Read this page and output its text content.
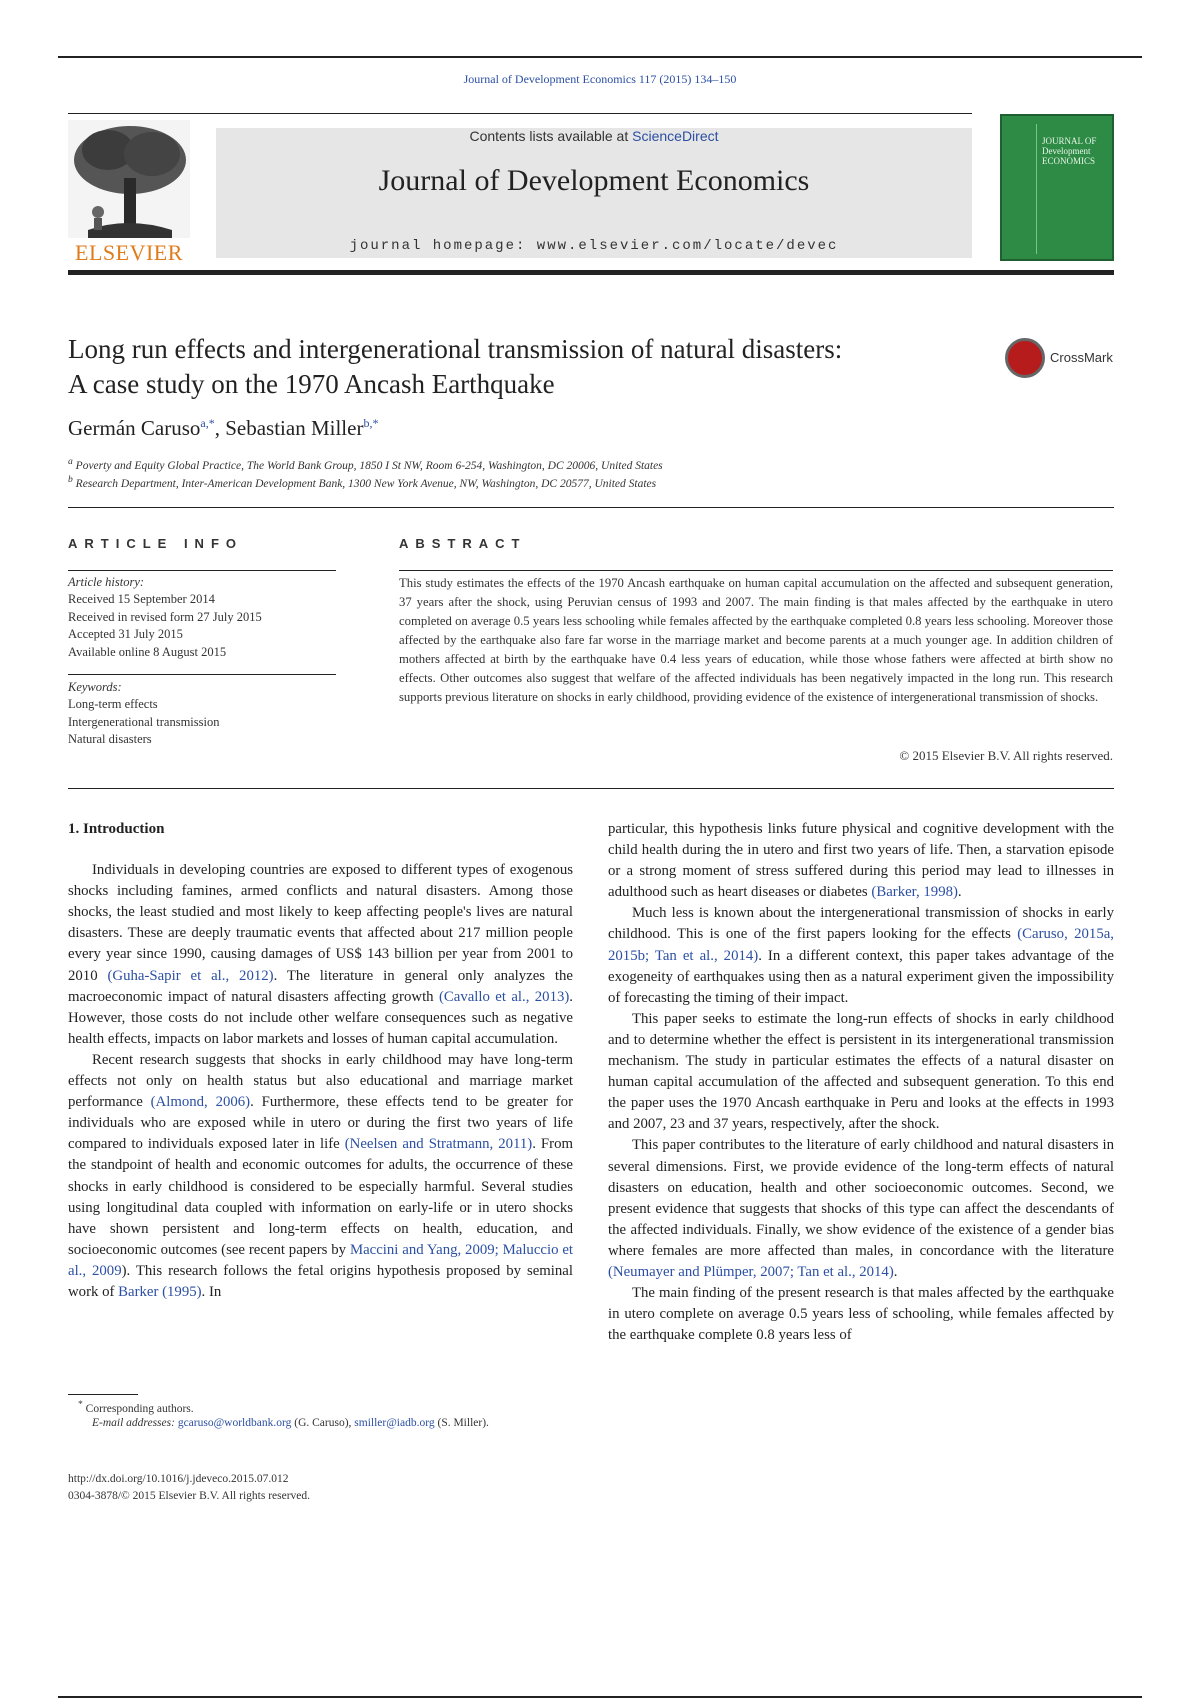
Journal of Development Economics 117 (2015) 134–150
ELSEVIER
Contents lists available at ScienceDirect
Journal of Development Economics
journal homepage: www.elsevier.com/locate/devec
JOURNAL OF Development ECONOMICS
Long run effects and intergenerational transmission of natural disasters:
A case study on the 1970 Ancash Earthquake
CrossMark
Germán Caruso$^{a,*}$, Sebastian Miller$^{b,*}$
$^a$ Poverty and Equity Global Practice, The World Bank Group, 1850 I St NW, Room 6-254, Washington, DC 20006, United States
$^b$ Research Department, Inter-American Development Bank, 1300 New York Avenue, NW, Washington, DC 20577, United States
ARTICLE INFO
Article history:
Received 15 September 2014
Received in revised form 27 July 2015
Accepted 31 July 2015
Available online 8 August 2015
Keywords:
Long-term effects
Intergenerational transmission
Natural disasters
ABSTRACT
This study estimates the effects of the 1970 Ancash earthquake on human capital accumulation on the affected and subsequent generation, 37 years after the shock, using Peruvian census of 1993 and 2007. The main finding is that males affected by the earthquake in utero completed on average 0.5 years less schooling while females affected by the earthquake completed 0.8 years less schooling. Moreover those affected by the earthquake also fare far worse in the marriage market and become parents at a much younger age. In addition children of mothers affected at birth by the earthquake have 0.4 less years of education, while those whose fathers were affected at birth show no effects. Other outcomes also suggest that welfare of the affected individuals has been negatively impacted in the long run. This research supports previous literature on shocks in early childhood, providing evidence of the existence of intergenerational transmission of shocks.
© 2015 Elsevier B.V. All rights reserved.
1. Introduction

Individuals in developing countries are exposed to different types of exogenous shocks including famines, armed conflicts and natural disasters. Among those shocks, the least studied and most likely to keep affecting people's lives are natural disasters. These are deeply traumatic events that affected about 217 million people every year since 1990, causing damages of US$ 143 billion per year from 2001 to 2010 (Guha-Sapir et al., 2012). The literature in general only analyzes the macroeconomic impact of natural disasters affecting growth (Cavallo et al., 2013). However, those costs do not include other welfare consequences such as negative health effects, impacts on labor markets and losses of human capital accumulation.

Recent research suggests that shocks in early childhood may have long-term effects not only on health status but also educational and marriage market performance (Almond, 2006). Furthermore, these effects tend to be greater for individuals who are exposed while in utero or during the first two years of life compared to individuals exposed later in life (Neelsen and Stratmann, 2011). From the standpoint of health and economic outcomes for adults, the occurrence of these shocks in early childhood is considered to be especially harmful. Several studies using longitudinal data coupled with information on early-life or in utero shocks have shown persistent and long-term effects on health, education, and socioeconomic outcomes (see recent papers by Maccini and Yang, 2009; Maluccio et al., 2009). This research follows the fetal origins hypothesis proposed by seminal work of Barker (1995). In

particular, this hypothesis links future physical and cognitive development with the child health during the in utero and first two years of life. Then, a starvation episode or a strong moment of stress suffered during this period may lead to illnesses in adulthood such as heart diseases or diabetes (Barker, 1998).

Much less is known about the intergenerational transmission of shocks in early childhood. This is one of the first papers looking for the effects (Caruso, 2015a, 2015b; Tan et al., 2014). In a different context, this paper takes advantage of the exogeneity of earthquakes using then as a natural experiment given the impossibility of forecasting the timing of their impact.

This paper seeks to estimate the long-run effects of shocks in early childhood and to determine whether the effect is persistent in its intergenerational transmission mechanism. The study in particular estimates the effects of a natural disaster on human capital accumulation of the affected and subsequent generation. To this end the paper uses the 1970 Ancash earthquake in Peru and looks at the effects in 1993 and 2007, 23 and 37 years, respectively, after the shock.

This paper contributes to the literature of early childhood and natural disasters in several dimensions. First, we provide evidence of the long-term effects of natural disasters on education, health and other socioeconomic outcomes. Second, we present evidence that suggests that shocks of this type can affect the descendants of the affected individuals. Finally, we show evidence of the existence of a gender bias where females are more affected than males, in concordance with the literature (Neumayer and Plümper, 2007; Tan et al., 2014).

The main finding of the present research is that males affected by the earthquake in utero complete on average 0.5 years less of schooling, while females affected by the earthquake complete 0.8 years less of

* Corresponding authors.
E-mail addresses: gcaruso@worldbank.org (G. Caruso), smiller@iadb.org (S. Miller).
http://dx.doi.org/10.1016/j.jdeveco.2015.07.012
0304-3878/© 2015 Elsevier B.V. All rights reserved.
